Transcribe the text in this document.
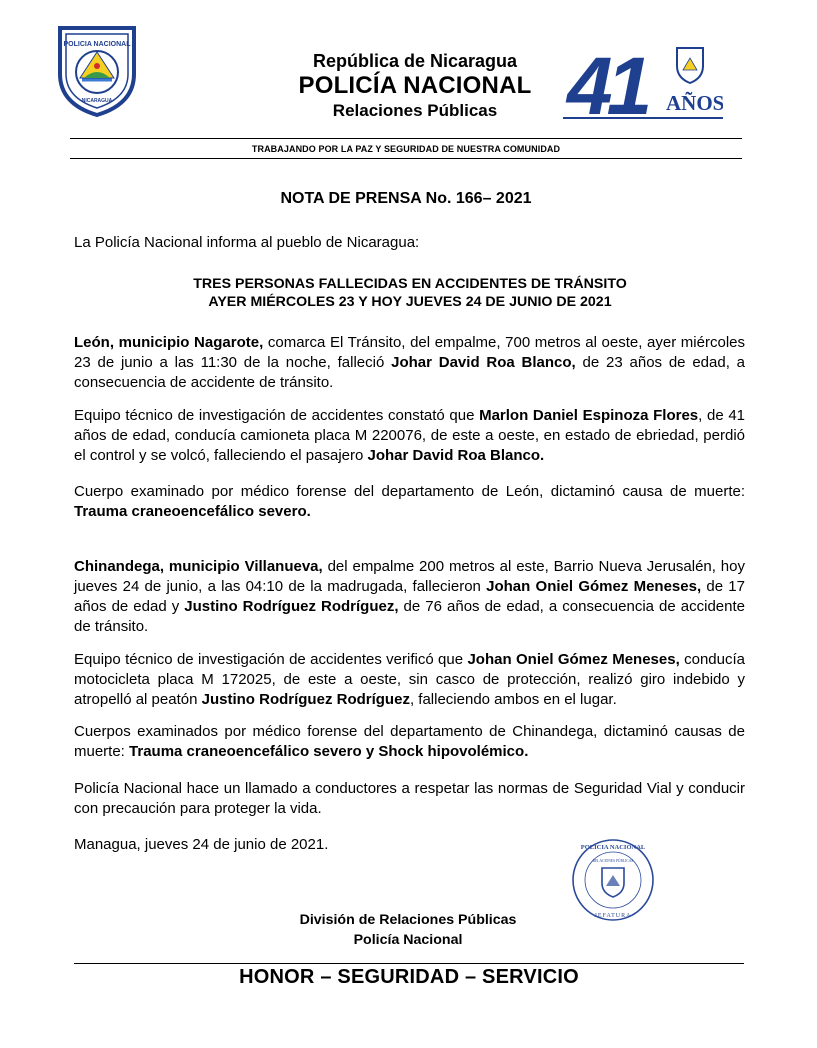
POLICIA NACIONAL
NICARAGUA
República de Nicaragua
POLICÍA NACIONAL
Relaciones Públicas 41 AÑOS
TRABAJANDO POR LA PAZ Y SEGURIDAD DE NUESTRA COMUNIDAD
NOTA DE PRENSA No. 166– 2021
La Policía Nacional informa al pueblo de Nicaragua:
TRES PERSONAS FALLECIDAS EN ACCIDENTES DE TRÁNSITO
AYER MIÉRCOLES 23 Y HOY JUEVES 24 DE JUNIO DE 2021
León, municipio Nagarote, comarca El Tránsito, del empalme, 700 metros al oeste, ayer miércoles 23 de junio a las 11:30 de la noche, falleció Johar David Roa Blanco, de 23 años de edad, a consecuencia de accidente de tránsito.
Equipo técnico de investigación de accidentes constató que Marlon Daniel Espinoza Flores, de 41 años de edad, conducía camioneta placa M 220076, de este a oeste, en estado de ebriedad, perdió el control y se volcó, falleciendo el pasajero Johar David Roa Blanco.
Cuerpo examinado por médico forense del departamento de León, dictaminó causa de muerte: Trauma craneoencefálico severo.
Chinandega, municipio Villanueva, del empalme 200 metros al este, Barrio Nueva Jerusalén, hoy jueves 24 de junio, a las 04:10 de la madrugada, fallecieron Johan Oniel Gómez Meneses, de 17 años de edad y Justino Rodríguez Rodríguez, de 76 años de edad, a consecuencia de accidente de tránsito.
Equipo técnico de investigación de accidentes verificó que Johan Oniel Gómez Meneses, conducía motocicleta placa M 172025, de este a oeste, sin casco de protección, realizó giro indebido y atropelló al peatón Justino Rodríguez Rodríguez, falleciendo ambos en el lugar.
Cuerpos examinados por médico forense del departamento de Chinandega, dictaminó causas de muerte: Trauma craneoencefálico severo y Shock hipovolémico.
Policía Nacional hace un llamado a conductores a respetar las normas de Seguridad Vial y conducir con precaución para proteger la vida.
Managua, jueves 24 de junio de 2021.	POLICIA NACIONAL
RELACIONES PÚBLICAS
JEFATURA
División de Relaciones Públicas
Policía Nacional
HONOR – SEGURIDAD – SERVICIO
